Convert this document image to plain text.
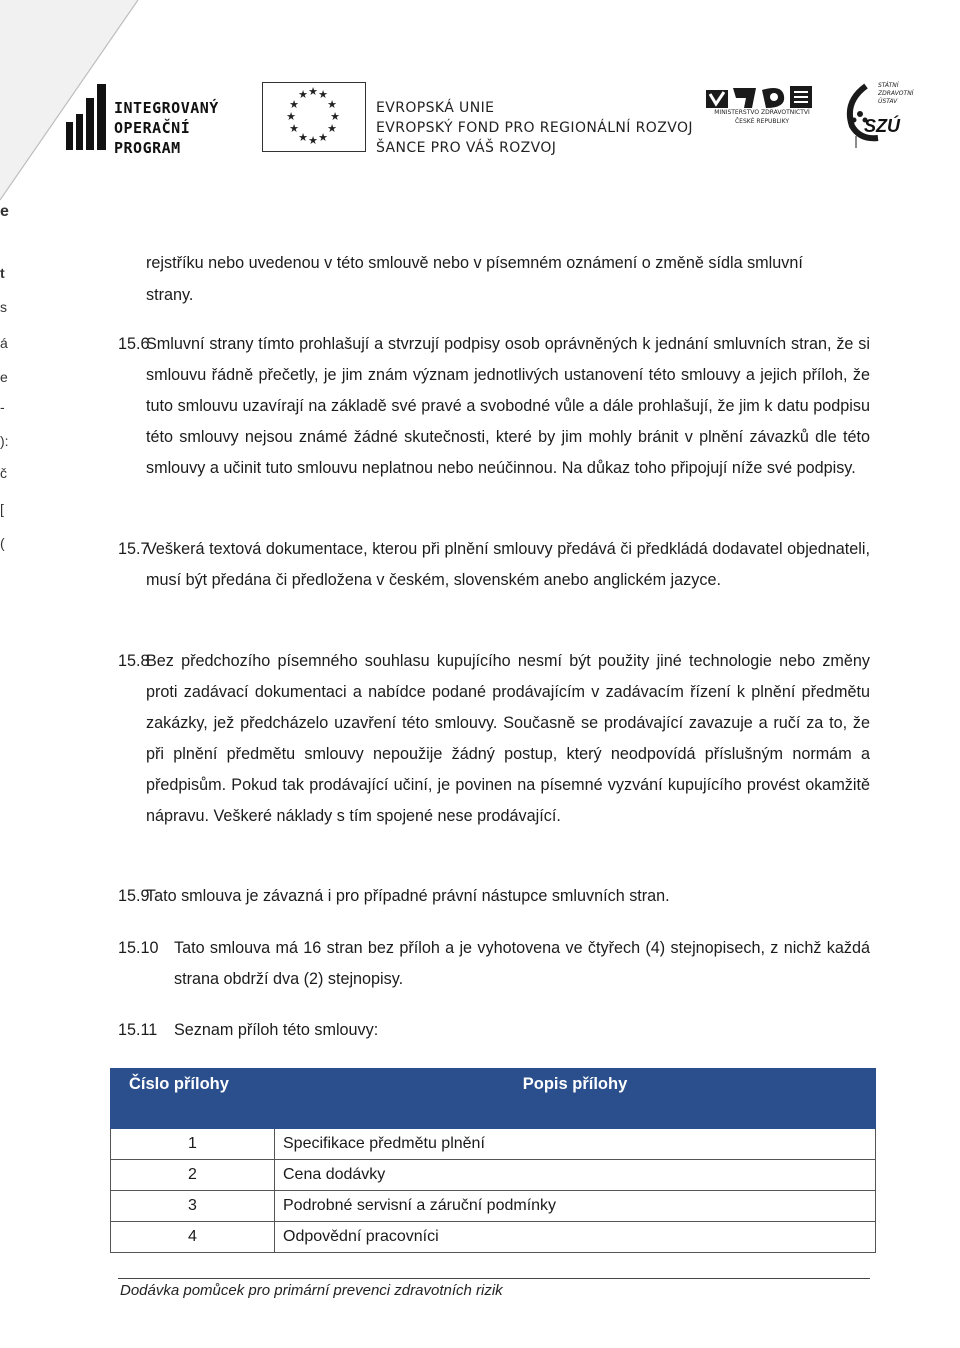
e
t
s
á
e
-
):
č
[
(
INTEGROVANÝ
OPERAČNÍ
PROGRAM
★ ★ ★
★	★
★	★
★	★
★ ★ ★
EVROPSKÁ UNIE
EVROPSKÝ FOND PRO REGIONÁLNÍ ROZVOJ
ŠANCE PRO VÁŠ ROZVOJ
MINISTERSTVO ZDRAVOTNICTVÍ
ČESKÉ REPUBLIKY
STÁTNÍ
ZDRAVOTNÍ
ÚSTAV
SZÚ
rejstříku nebo uvedenou v této smlouvě nebo v písemném oznámení o změně sídla smluvní
strany.
15.6
Smluvní strany tímto prohlašují a stvrzují podpisy osob oprávněných k jednání smluvních stran, že si smlouvu řádně přečetly, je jim znám význam jednotlivých ustanovení této smlouvy a jejich příloh, že tuto smlouvu uzavírají na základě své pravé a svobodné vůle a dále prohlašují, že jim k datu podpisu této smlouvy nejsou známé žádné skutečnosti, které by jim mohly bránit v plnění závazků dle této smlouvy a učinit tuto smlouvu neplatnou nebo neúčinnou. Na důkaz toho připojují níže své podpisy.
15.7
Veškerá textová dokumentace, kterou při plnění smlouvy předává či předkládá dodavatel objednateli, musí být předána či předložena v českém, slovenském anebo anglickém jazyce.
15.8
Bez předchozího písemného souhlasu kupujícího nesmí být použity jiné technologie nebo změny proti zadávací dokumentaci a nabídce podané prodávajícím v zadávacím řízení k plnění předmětu zakázky, jež předcházelo uzavření této smlouvy. Současně se prodávající zavazuje a ručí za to, že při plnění předmětu smlouvy nepoužije žádný postup, který neodpovídá příslušným normám a předpisům. Pokud tak prodávající učiní, je povinen na písemné vyzvání kupujícího provést okamžitě nápravu. Veškeré náklady s tím spojené nese prodávající.
15.9
Tato smlouva je závazná i pro případné právní nástupce smluvních stran.
15.10 Tato smlouva má 16 stran bez příloh a je vyhotovena ve čtyřech (4) stejnopisech, z nichž každá strana obdrží dva (2) stejnopisy.
15.11 Seznam příloh této smlouvy:
Číslo přílohy	Popis přílohy
1	Specifikace předmětu plnění
2	Cena dodávky
3	Podrobné servisní a záruční podmínky
4	Odpovědní pracovníci
Dodávka pomůcek pro primární prevenci zdravotních rizik
